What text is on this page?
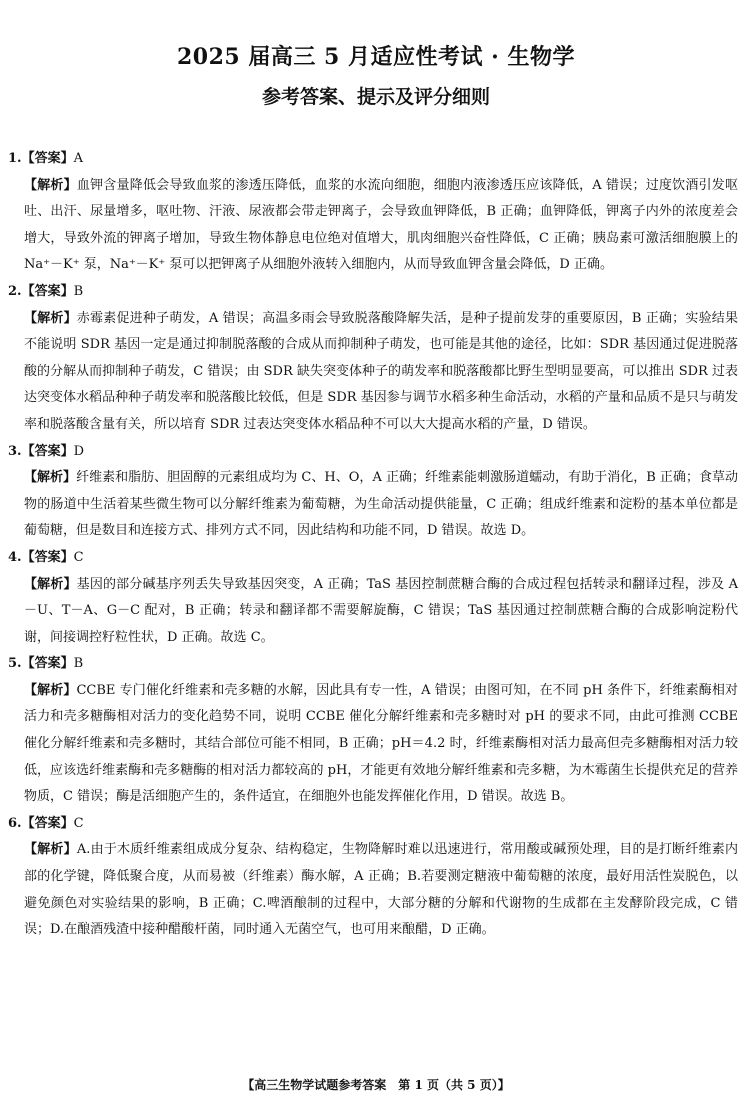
2025 届高三 5 月适应性考试 · 生物学
参考答案、提示及评分细则

1.【答案】A

【解析】血钾含量降低会导致血浆的渗透压降低，血浆的水流向细胞，细胞内液渗透压应该降低，A 错误；过度饮酒引发呕吐、出汗、尿量增多，呕吐物、汗液、尿液都会带走钾离子，会导致血钾降低，B 正确；血钾降低，钾离子内外的浓度差会增大，导致外流的钾离子增加，导致生物体静息电位绝对值增大，肌肉细胞兴奋性降低，C 正确；胰岛素可激活细胞膜上的 Na⁺－K⁺ 泵，Na⁺－K⁺ 泵可以把钾离子从细胞外液转入细胞内，从而导致血钾含量会降低，D 正确。

2.【答案】B

【解析】赤霉素促进种子萌发，A 错误；高温多雨会导致脱落酸降解失活，是种子提前发芽的重要原因，B 正确；实验结果不能说明 SDR 基因一定是通过抑制脱落酸的合成从而抑制种子萌发，也可能是其他的途径，比如：SDR 基因通过促进脱落酸的分解从而抑制种子萌发，C 错误；由 SDR 缺失突变体种子的萌发率和脱落酸都比野生型明显要高，可以推出 SDR 过表达突变体水稻品种种子萌发率和脱落酸比较低，但是 SDR 基因参与调节水稻多种生命活动，水稻的产量和品质不是只与萌发率和脱落酸含量有关，所以培育 SDR 过表达突变体水稻品种不可以大大提高水稻的产量，D 错误。

3.【答案】D

【解析】纤维素和脂肪、胆固醇的元素组成均为 C、H、O，A 正确；纤维素能刺激肠道蠕动，有助于消化，B 正确；食草动物的肠道中生活着某些微生物可以分解纤维素为葡萄糖，为生命活动提供能量，C 正确；组成纤维素和淀粉的基本单位都是葡萄糖，但是数目和连接方式、排列方式不同，因此结构和功能不同，D 错误。故选 D。

4.【答案】C

【解析】基因的部分碱基序列丢失导致基因突变，A 正确；TaS 基因控制蔗糖合酶的合成过程包括转录和翻译过程，涉及 A－U、T－A、G－C 配对，B 正确；转录和翻译都不需要解旋酶，C 错误；TaS 基因通过控制蔗糖合酶的合成影响淀粉代谢，间接调控籽粒性状，D 正确。故选 C。

5.【答案】B

【解析】CCBE 专门催化纤维素和壳多糖的水解，因此具有专一性，A 错误；由图可知，在不同 pH 条件下，纤维素酶相对活力和壳多糖酶相对活力的变化趋势不同，说明 CCBE 催化分解纤维素和壳多糖时对 pH 的要求不同，由此可推测 CCBE 催化分解纤维素和壳多糖时，其结合部位可能不相同，B 正确；pH＝4.2 时，纤维素酶相对活力最高但壳多糖酶相对活力较低，应该选纤维素酶和壳多糖酶的相对活力都较高的 pH，才能更有效地分解纤维素和壳多糖，为木霉菌生长提供充足的营养物质，C 错误；酶是活细胞产生的，条件适宜，在细胞外也能发挥催化作用，D 错误。故选 B。

6.【答案】C

【解析】A.由于木质纤维素组成成分复杂、结构稳定，生物降解时难以迅速进行，常用酸或碱预处理，目的是打断纤维素内部的化学键，降低聚合度，从而易被（纤维素）酶水解，A 正确；B.若要测定糖液中葡萄糖的浓度，最好用活性炭脱色，以避免颜色对实验结果的影响，B 正确；C.啤酒酿制的过程中，大部分糖的分解和代谢物的生成都在主发酵阶段完成，C 错误；D.在酿酒残渣中接种醋酸杆菌，同时通入无菌空气，也可用来酿醋，D 正确。

【高三生物学试题参考答案　第 1 页（共 5 页）】
